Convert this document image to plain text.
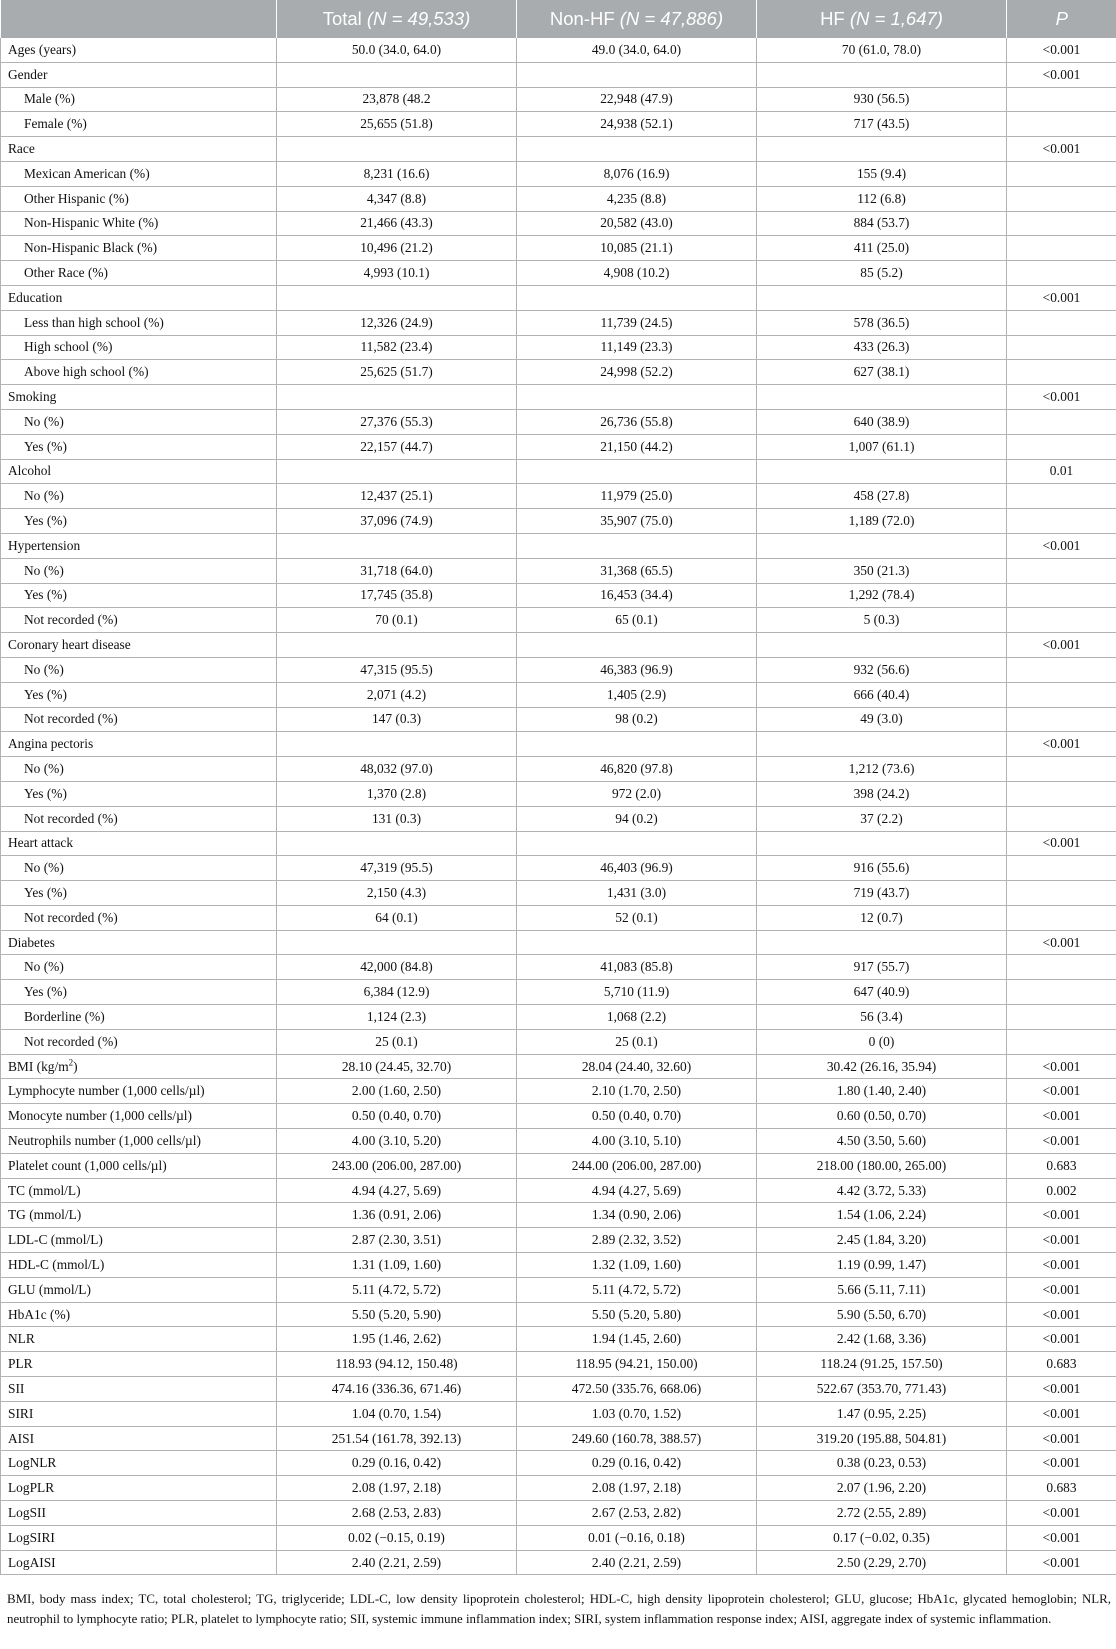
	Total (N = 49,533)	Non-HF (N = 47,886)	HF (N = 1,647)	P
Ages (years)	50.0 (34.0, 64.0)	49.0 (34.0, 64.0)	70 (61.0, 78.0)	<0.001
Gender				<0.001
Male (%)	23,878 (48.2	22,948 (47.9)	930 (56.5)	
Female (%)	25,655 (51.8)	24,938 (52.1)	717 (43.5)	
Race				<0.001
Mexican American (%)	8,231 (16.6)	8,076 (16.9)	155 (9.4)	
Other Hispanic (%)	4,347 (8.8)	4,235 (8.8)	112 (6.8)	
Non-Hispanic White (%)	21,466 (43.3)	20,582 (43.0)	884 (53.7)	
Non-Hispanic Black (%)	10,496 (21.2)	10,085 (21.1)	411 (25.0)	
Other Race (%)	4,993 (10.1)	4,908 (10.2)	85 (5.2)	
Education				<0.001
Less than high school (%)	12,326 (24.9)	11,739 (24.5)	578 (36.5)	
High school (%)	11,582 (23.4)	11,149 (23.3)	433 (26.3)	
Above high school (%)	25,625 (51.7)	24,998 (52.2)	627 (38.1)	
Smoking				<0.001
No (%)	27,376 (55.3)	26,736 (55.8)	640 (38.9)	
Yes (%)	22,157 (44.7)	21,150 (44.2)	1,007 (61.1)	
Alcohol				0.01
No (%)	12,437 (25.1)	11,979 (25.0)	458 (27.8)	
Yes (%)	37,096 (74.9)	35,907 (75.0)	1,189 (72.0)	
Hypertension				<0.001
No (%)	31,718 (64.0)	31,368 (65.5)	350 (21.3)	
Yes (%)	17,745 (35.8)	16,453 (34.4)	1,292 (78.4)	
Not recorded (%)	70 (0.1)	65 (0.1)	5 (0.3)	
Coronary heart disease				<0.001
No (%)	47,315 (95.5)	46,383 (96.9)	932 (56.6)	
Yes (%)	2,071 (4.2)	1,405 (2.9)	666 (40.4)	
Not recorded (%)	147 (0.3)	98 (0.2)	49 (3.0)	
Angina pectoris				<0.001
No (%)	48,032 (97.0)	46,820 (97.8)	1,212 (73.6)	
Yes (%)	1,370 (2.8)	972 (2.0)	398 (24.2)	
Not recorded (%)	131 (0.3)	94 (0.2)	37 (2.2)	
Heart attack				<0.001
No (%)	47,319 (95.5)	46,403 (96.9)	916 (55.6)	
Yes (%)	2,150 (4.3)	1,431 (3.0)	719 (43.7)	
Not recorded (%)	64 (0.1)	52 (0.1)	12 (0.7)	
Diabetes				<0.001
No (%)	42,000 (84.8)	41,083 (85.8)	917 (55.7)	
Yes (%)	6,384 (12.9)	5,710 (11.9)	647 (40.9)	
Borderline (%)	1,124 (2.3)	1,068 (2.2)	56 (3.4)	
Not recorded (%)	25 (0.1)	25 (0.1)	0 (0)	
BMI $(kg/m^2)$	28.10 (24.45, 32.70)	28.04 (24.40, 32.60)	30.42 (26.16, 35.94)	<0.001
Lymphocyte number (1,000 cells/µl)	2.00 (1.60, 2.50)	2.10 (1.70, 2.50)	1.80 (1.40, 2.40)	<0.001
Monocyte number (1,000 cells/µl)	0.50 (0.40, 0.70)	0.50 (0.40, 0.70)	0.60 (0.50, 0.70)	<0.001
Neutrophils number (1,000 cells/µl)	4.00 (3.10, 5.20)	4.00 (3.10, 5.10)	4.50 (3.50, 5.60)	<0.001
Platelet count (1,000 cells/µl)	243.00 (206.00, 287.00)	244.00 (206.00, 287.00)	218.00 (180.00, 265.00)	0.683
TC (mmol/L)	4.94 (4.27, 5.69)	4.94 (4.27, 5.69)	4.42 (3.72, 5.33)	0.002
TG (mmol/L)	1.36 (0.91, 2.06)	1.34 (0.90, 2.06)	1.54 (1.06, 2.24)	<0.001
LDL-C (mmol/L)	2.87 (2.30, 3.51)	2.89 (2.32, 3.52)	2.45 (1.84, 3.20)	<0.001
HDL-C (mmol/L)	1.31 (1.09, 1.60)	1.32 (1.09, 1.60)	1.19 (0.99, 1.47)	<0.001
GLU (mmol/L)	5.11 (4.72, 5.72)	5.11 (4.72, 5.72)	5.66 (5.11, 7.11)	<0.001
HbA1c (%)	5.50 (5.20, 5.90)	5.50 (5.20, 5.80)	5.90 (5.50, 6.70)	<0.001
NLR	1.95 (1.46, 2.62)	1.94 (1.45, 2.60)	2.42 (1.68, 3.36)	<0.001
PLR	118.93 (94.12, 150.48)	118.95 (94.21, 150.00)	118.24 (91.25, 157.50)	0.683
SII	474.16 (336.36, 671.46)	472.50 (335.76, 668.06)	522.67 (353.70, 771.43)	<0.001
SIRI	1.04 (0.70, 1.54)	1.03 (0.70, 1.52)	1.47 (0.95, 2.25)	<0.001
AISI	251.54 (161.78, 392.13)	249.60 (160.78, 388.57)	319.20 (195.88, 504.81)	<0.001
LogNLR	0.29 (0.16, 0.42)	0.29 (0.16, 0.42)	0.38 (0.23, 0.53)	<0.001
LogPLR	2.08 (1.97, 2.18)	2.08 (1.97, 2.18)	2.07 (1.96, 2.20)	0.683
LogSII	2.68 (2.53, 2.83)	2.67 (2.53, 2.82)	2.72 (2.55, 2.89)	<0.001
LogSIRI	0.02 (−0.15, 0.19)	0.01 (−0.16, 0.18)	0.17 (−0.02, 0.35)	<0.001
LogAISI	2.40 (2.21, 2.59)	2.40 (2.21, 2.59)	2.50 (2.29, 2.70)	<0.001

BMI, body mass index; TC, total cholesterol; TG, triglyceride; LDL-C, low density lipoprotein cholesterol; HDL-C, high density lipoprotein cholesterol; GLU, glucose; HbA1c, glycated hemoglobin; NLR, neutrophil to lymphocyte ratio; PLR, platelet to lymphocyte ratio; SII, systemic immune inflammation index; SIRI, system inflammation response index; AISI, aggregate index of systemic inflammation.
